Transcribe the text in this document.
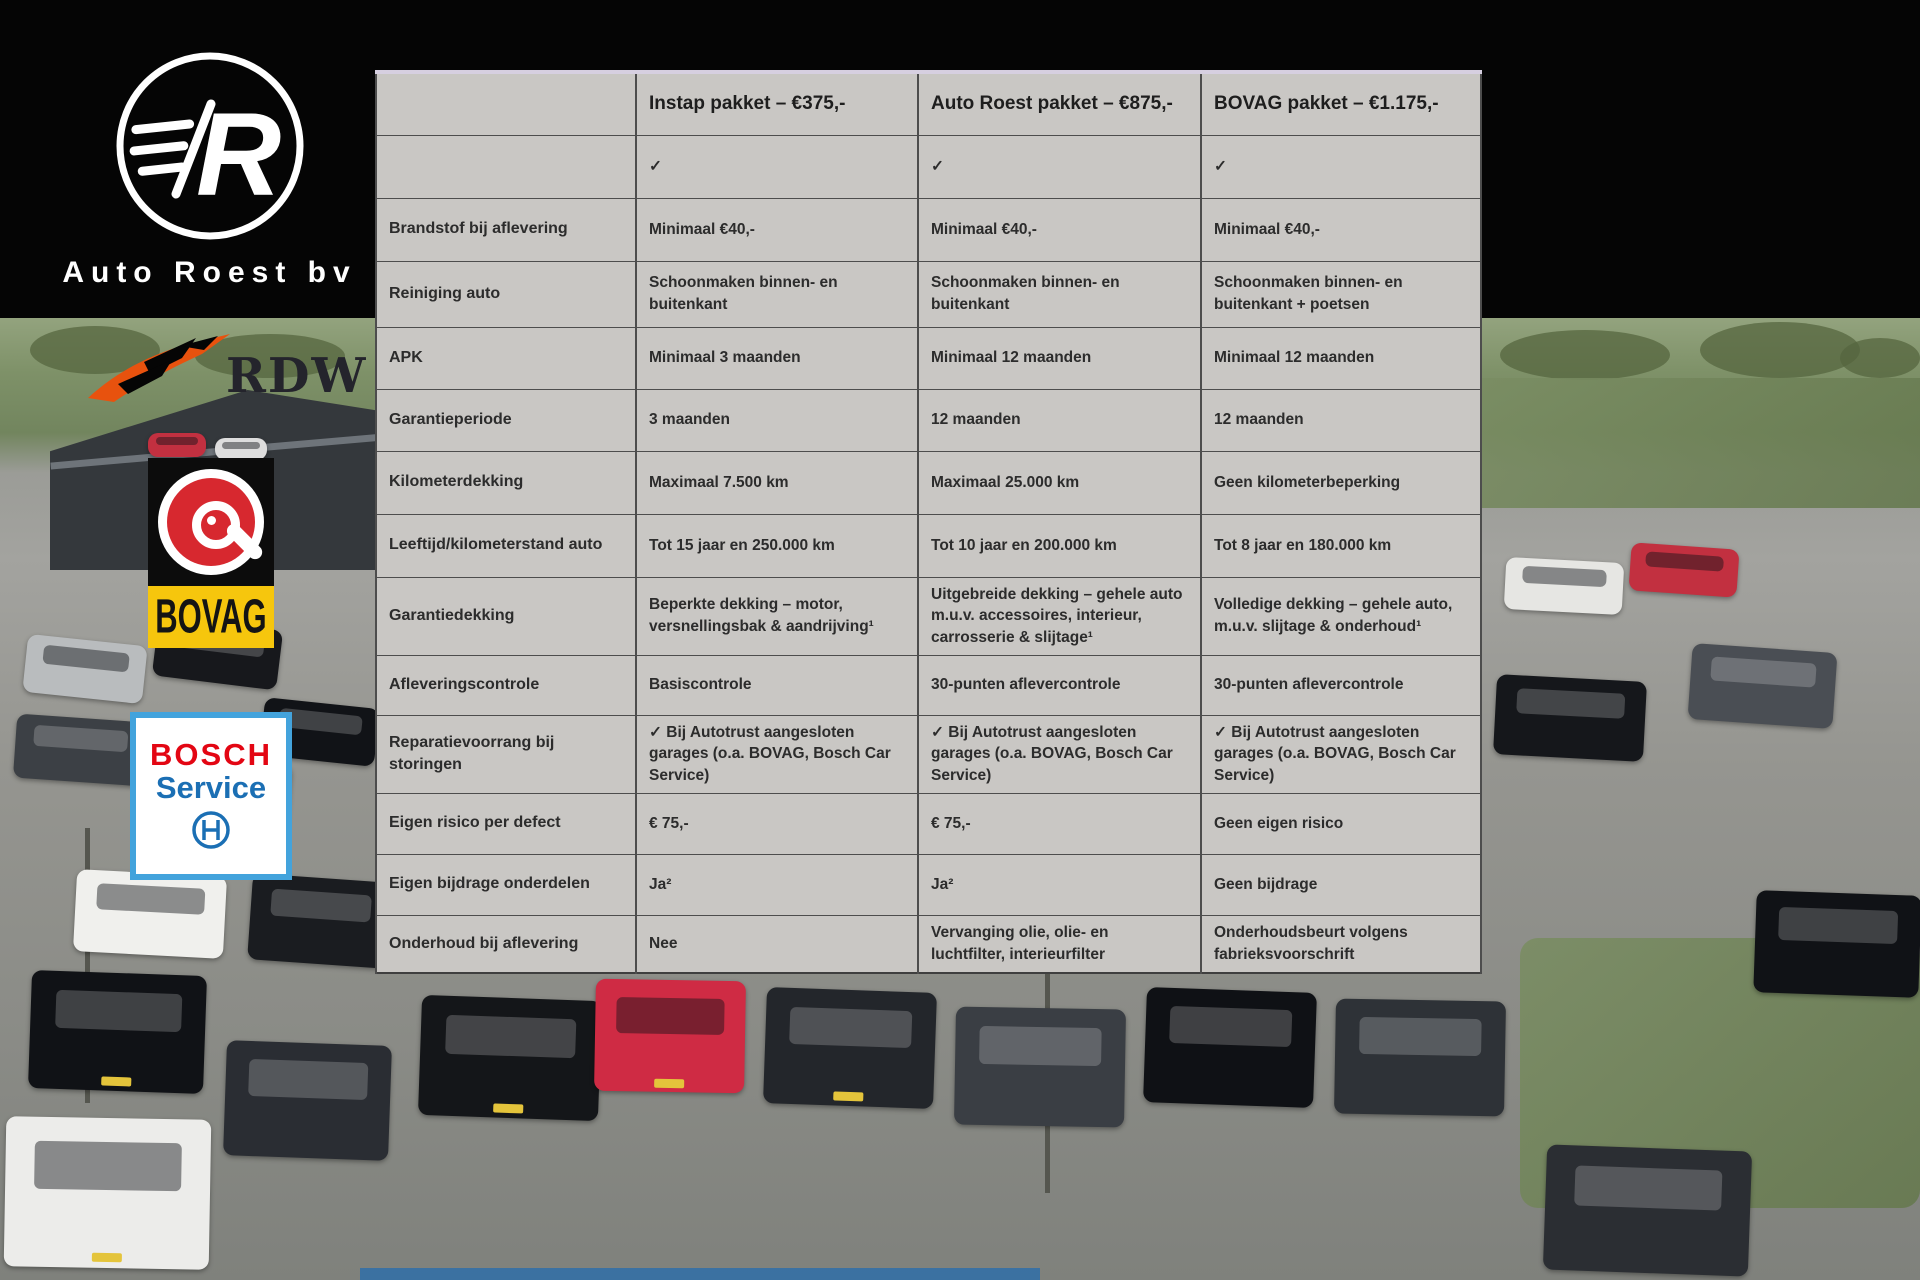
R
Auto Roest bv
RDW
BOVAG
BOSCH
Service
	Instap pakket – €375,-	Auto Roest pakket – €875,-	BOVAG pakket – €1.175,-
	✓	✓	✓
Brandstof bij aflevering	Minimaal €40,-	Minimaal €40,-	Minimaal €40,-
Reiniging auto	Schoonmaken binnen- en buitenkant	Schoonmaken binnen- en buitenkant	Schoonmaken binnen- en buitenkant + poetsen
APK	Minimaal 3 maanden	Minimaal 12 maanden	Minimaal 12 maanden
Garantieperiode	3 maanden	12 maanden	12 maanden
Kilometerdekking	Maximaal 7.500 km	Maximaal 25.000 km	Geen kilometerbeperking
Leeftijd/kilometerstand auto	Tot 15 jaar en 250.000 km	Tot 10 jaar en 200.000 km	Tot 8 jaar en 180.000 km
Garantiedekking	Beperkte dekking – motor, versnellingsbak & aandrijving¹	Uitgebreide dekking – gehele auto m.u.v. accessoires, interieur, carrosserie & slijtage¹	Volledige dekking – gehele auto, m.u.v. slijtage & onderhoud¹
Afleveringscontrole	Basiscontrole	30-punten aflevercontrole	30-punten aflevercontrole
Reparatievoorrang bij storingen	✓ Bij Autotrust aangesloten garages (o.a. BOVAG, Bosch Car Service)	✓ Bij Autotrust aangesloten garages (o.a. BOVAG, Bosch Car Service)	✓ Bij Autotrust aangesloten garages (o.a. BOVAG, Bosch Car Service)
Eigen risico per defect	€ 75,-	€ 75,-	Geen eigen risico
Eigen bijdrage onderdelen	Ja²	Ja²	Geen bijdrage
Onderhoud bij aflevering	Nee	Vervanging olie, olie- en luchtfilter, interieurfilter	Onderhoudsbeurt volgens fabrieksvoorschrift
